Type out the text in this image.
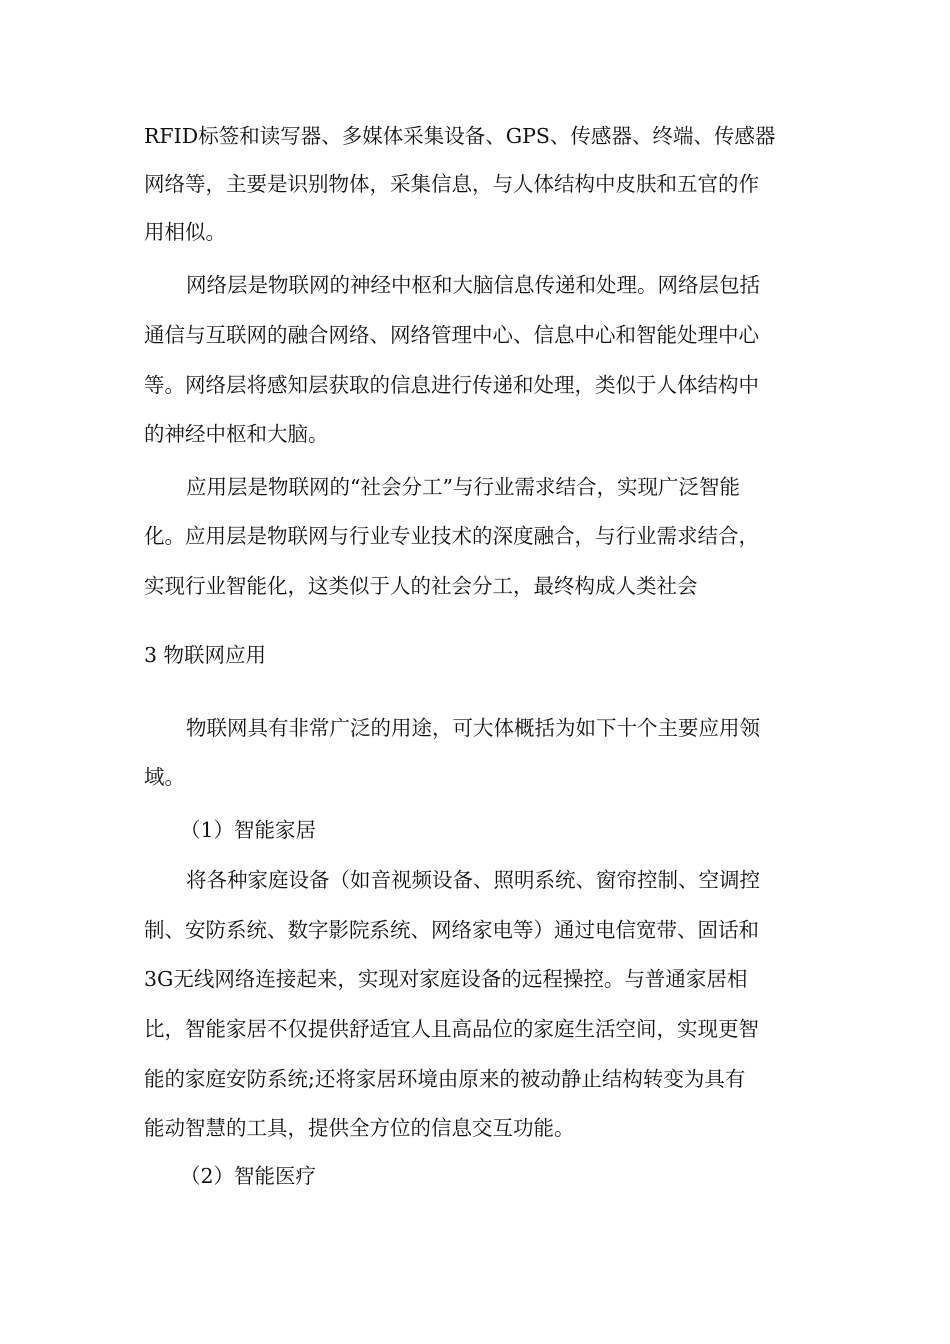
RFID标签和读写器、多媒体采集设备、GPS、传感器、终端、传感器
网络等，主要是识别物体，采集信息，与人体结构中皮肤和五官的作
用相似。
网络层是物联网的神经中枢和大脑信息传递和处理。网络层包括
通信与互联网的融合网络、网络管理中心、信息中心和智能处理中心
等。网络层将感知层获取的信息进行传递和处理，类似于人体结构中
的神经中枢和大脑。
应用层是物联网的“社会分工”与行业需求结合，实现广泛智能
化。应用层是物联网与行业专业技术的深度融合，与行业需求结合，
实现行业智能化，这类似于人的社会分工，最终构成人类社会
3 物联网应用
物联网具有非常广泛的用途，可大体概括为如下十个主要应用领
域。
（1）智能家居
将各种家庭设备（如音视频设备、照明系统、窗帘控制、空调控
制、安防系统、数字影院系统、网络家电等）通过电信宽带、固话和
3G无线网络连接起来，实现对家庭设备的远程操控。与普通家居相
比，智能家居不仅提供舒适宜人且高品位的家庭生活空间，实现更智
能的家庭安防系统;还将家居环境由原来的被动静止结构转变为具有
能动智慧的工具，提供全方位的信息交互功能。
（2）智能医疗
